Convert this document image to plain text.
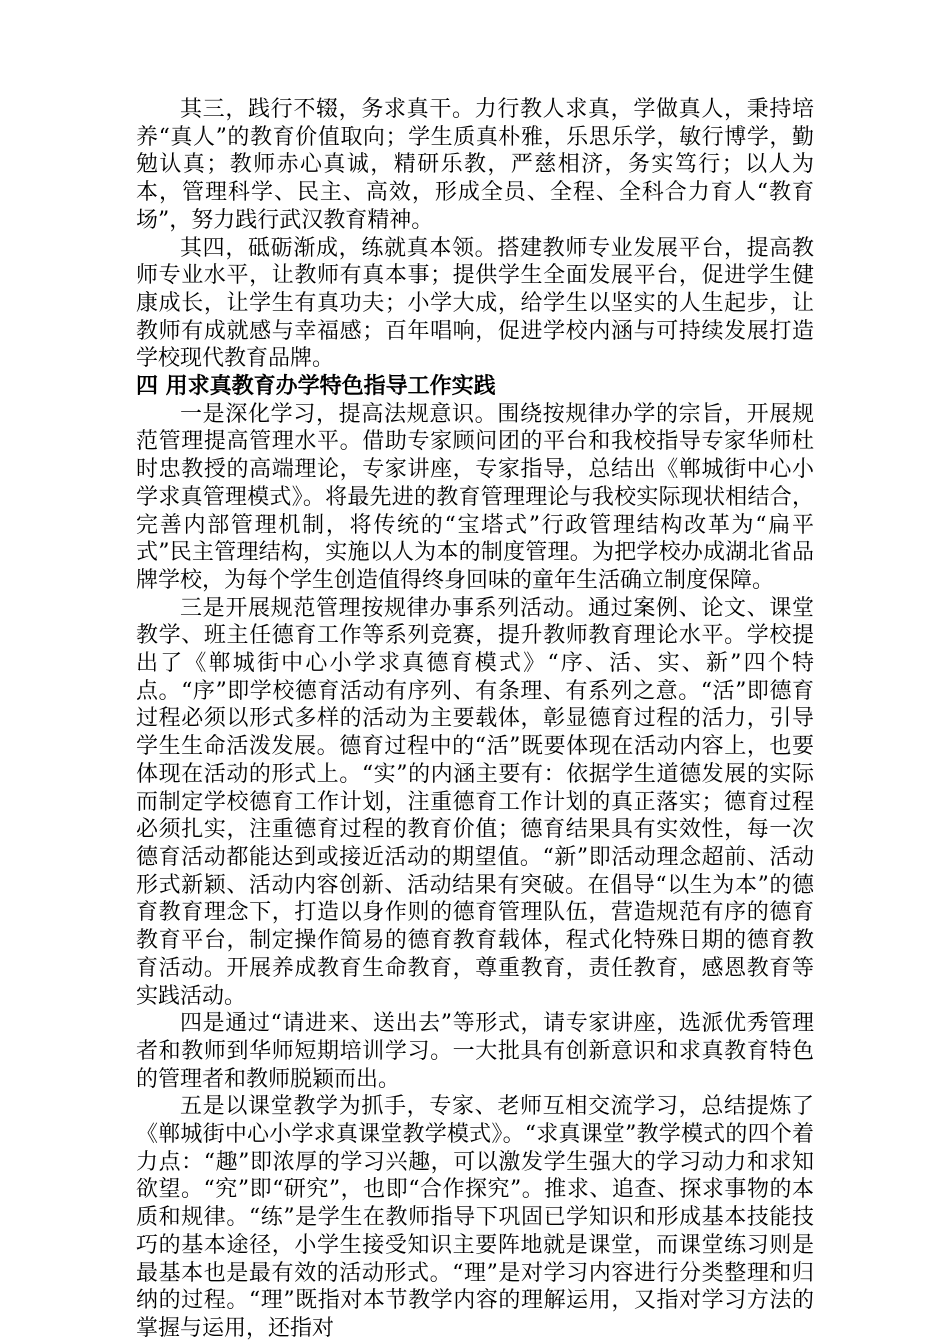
其三，践行不辍，务求真干。力行教人求真，学做真人，秉持培养“真人”的教育价值取向；学生质真朴雅，乐思乐学，敏行博学，勤勉认真；教师赤心真诚，精研乐教，严慈相济，务实笃行；以人为本，管理科学、民主、高效，形成全员、全程、全科合力育人“教育场”，努力践行武汉教育精神。

其四，砥砺渐成，练就真本领。搭建教师专业发展平台，提高教师专业水平，让教师有真本事；提供学生全面发展平台，促进学生健康成长，让学生有真功夫；小学大成，给学生以坚实的人生起步，让教师有成就感与幸福感；百年唱响，促进学校内涵与可持续发展打造学校现代教育品牌。

四 用求真教育办学特色指导工作实践

一是深化学习，提高法规意识。围绕按规律办学的宗旨，开展规范管理提高管理水平。借助专家顾问团的平台和我校指导专家华师杜时忠教授的高端理论，专家讲座，专家指导，总结出《郸城街中心小学求真管理模式》。将最先进的教育管理理论与我校实际现状相结合，完善内部管理机制，将传统的“宝塔式”行政管理结构改革为“扁平式”民主管理结构，实施以人为本的制度管理。为把学校办成湖北省品牌学校，为每个学生创造值得终身回味的童年生活确立制度保障。

三是开展规范管理按规律办事系列活动。通过案例、论文、课堂教学、班主任德育工作等系列竞赛，提升教师教育理论水平。学校提出了《郸城街中心小学求真德育模式》“序、活、实、新”四个特点。“序”即学校德育活动有序列、有条理、有系列之意。“活”即德育过程必须以形式多样的活动为主要载体，彰显德育过程的活力，引导学生生命活泼发展。德育过程中的“活”既要体现在活动内容上，也要体现在活动的形式上。“实”的内涵主要有：依据学生道德发展的实际而制定学校德育工作计划，注重德育工作计划的真正落实；德育过程必须扎实，注重德育过程的教育价值；德育结果具有实效性，每一次德育活动都能达到或接近活动的期望值。“新”即活动理念超前、活动形式新颖、活动内容创新、活动结果有突破。在倡导“以生为本”的德育教育理念下，打造以身作则的德育管理队伍，营造规范有序的德育教育平台，制定操作简易的德育教育载体，程式化特殊日期的德育教育活动。开展养成教育生命教育，尊重教育，责任教育，感恩教育等实践活动。

四是通过“请进来、送出去”等形式，请专家讲座，选派优秀管理者和教师到华师短期培训学习。一大批具有创新意识和求真教育特色的管理者和教师脱颖而出。

五是以课堂教学为抓手，专家、老师互相交流学习，总结提炼了《郸城街中心小学求真课堂教学模式》。“求真课堂”教学模式的四个着力点：“趣”即浓厚的学习兴趣，可以激发学生强大的学习动力和求知欲望。“究”即“研究”，也即“合作探究”。推求、追查、探求事物的本质和规律。“练”是学生在教师指导下巩固已学知识和形成基本技能技巧的基本途径，小学生接受知识主要阵地就是课堂，而课堂练习则是最基本也是最有效的活动形式。“理”是对学习内容进行分类整理和归纳的过程。“理”既指对本节教学内容的理解运用，又指对学习方法的掌握与运用，还指对
